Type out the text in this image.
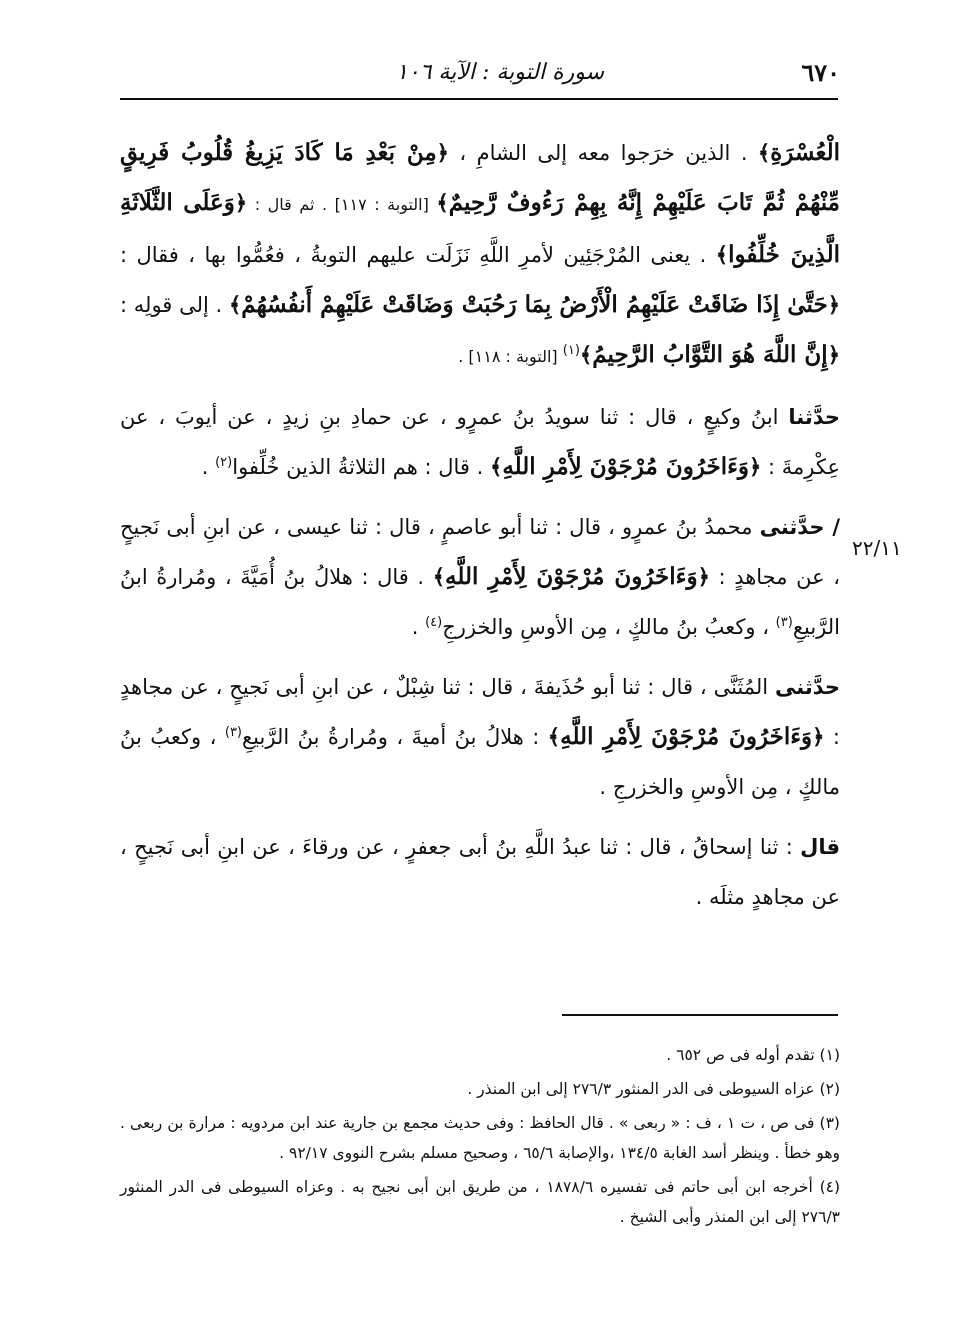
٦٧٠
سورة التوبة : الآية ١٠٦
٢٢/١١

الْعُسْرَةِ﴾ . الذين خرَجوا معه إلى الشامِ ، ﴿مِنْ بَعْدِ مَا كَادَ يَزِيغُ قُلُوبُ فَرِيقٍ مِّنْهُمْ ثُمَّ تَابَ عَلَيْهِمْ إِنَّهُ بِهِمْ رَءُوفٌ رَّحِيمٌ﴾ [التوبة : ١١٧] . ثم قال : ﴿وَعَلَى الثَّلَاثَةِ الَّذِينَ خُلِّفُوا﴾ . يعنى المُرْجَئِين لأمرِ اللَّهِ نَزَلَت عليهم التوبةُ ، فعُمُّوا بها ، فقال : ﴿حَتَّىٰ إِذَا ضَاقَتْ عَلَيْهِمُ الْأَرْضُ بِمَا رَحُبَتْ وَضَاقَتْ عَلَيْهِمْ أَنفُسُهُمْ﴾ . إلى قولِه : ﴿إِنَّ اللَّهَ هُوَ التَّوَّابُ الرَّحِيمُ﴾$^{(١)}$ [التوبة : ١١٨] .

حدَّثنا ابنُ وكيعٍ ، قال : ثنا سويدُ بنُ عمرٍو ، عن حمادِ بنِ زيدٍ ، عن أيوبَ ، عن عِكْرِمةَ : ﴿وَءَاخَرُونَ مُرْجَوْنَ لِأَمْرِ اللَّهِ﴾ . قال : هم الثلاثةُ الذين خُلِّفوا$^{(٢)}$ .

/ حدَّثنى محمدُ بنُ عمرٍو ، قال : ثنا أبو عاصمٍ ، قال : ثنا عيسى ، عن ابنِ أبى نَجيحٍ ، عن مجاهدٍ : ﴿وَءَاخَرُونَ مُرْجَوْنَ لِأَمْرِ اللَّهِ﴾ . قال : هلالُ بنُ أُمَيَّةَ ، ومُرارةُ ابنُ الرَّبيعِ$^{(٣)}$ ، وكعبُ بنُ مالكٍ ، مِن الأوسِ والخزرجِ$^{(٤)}$ .

حدَّثنى المُثَنَّى ، قال : ثنا أبو حُذَيفةَ ، قال : ثنا شِبْلٌ ، عن ابنِ أبى نَجيحٍ ، عن مجاهدٍ : ﴿وَءَاخَرُونَ مُرْجَوْنَ لِأَمْرِ اللَّهِ﴾ : هلالُ بنُ أميةَ ، ومُرارةُ بنُ الرَّبيعِ$^{(٣)}$ ، وكعبُ بنُ مالكٍ ، مِن الأوسِ والخزرجِ .

قال : ثنا إسحاقُ ، قال : ثنا عبدُ اللَّهِ بنُ أبى جعفرٍ ، عن ورقاءَ ، عن ابنِ أبى نَجيحٍ ، عن مجاهدٍ مثلَه .

(١) تقدم أوله فى ص ٦٥٢ .

(٢) عزاه السيوطى فى الدر المنثور ٢٧٦/٣ إلى ابن المنذر .

(٣) فى ص ، ت ١ ، ف : « ربعى » . قال الحافظ : وفى حديث مجمع بن جارية عند ابن مردويه : مرارة بن ربعى . وهو خطأ . وينظر أسد الغابة ١٣٤/٥ ،والإصابة ٦٥/٦ ، وصحيح مسلم بشرح النووى ٩٢/١٧ .

(٤) أخرجه ابن أبى حاتم فى تفسيره ١٨٧٨/٦ ، من طريق ابن أبى نجيح به . وعزاه السيوطى فى الدر المنثور ٢٧٦/٣ إلى ابن المنذر وأبى الشيخ .
